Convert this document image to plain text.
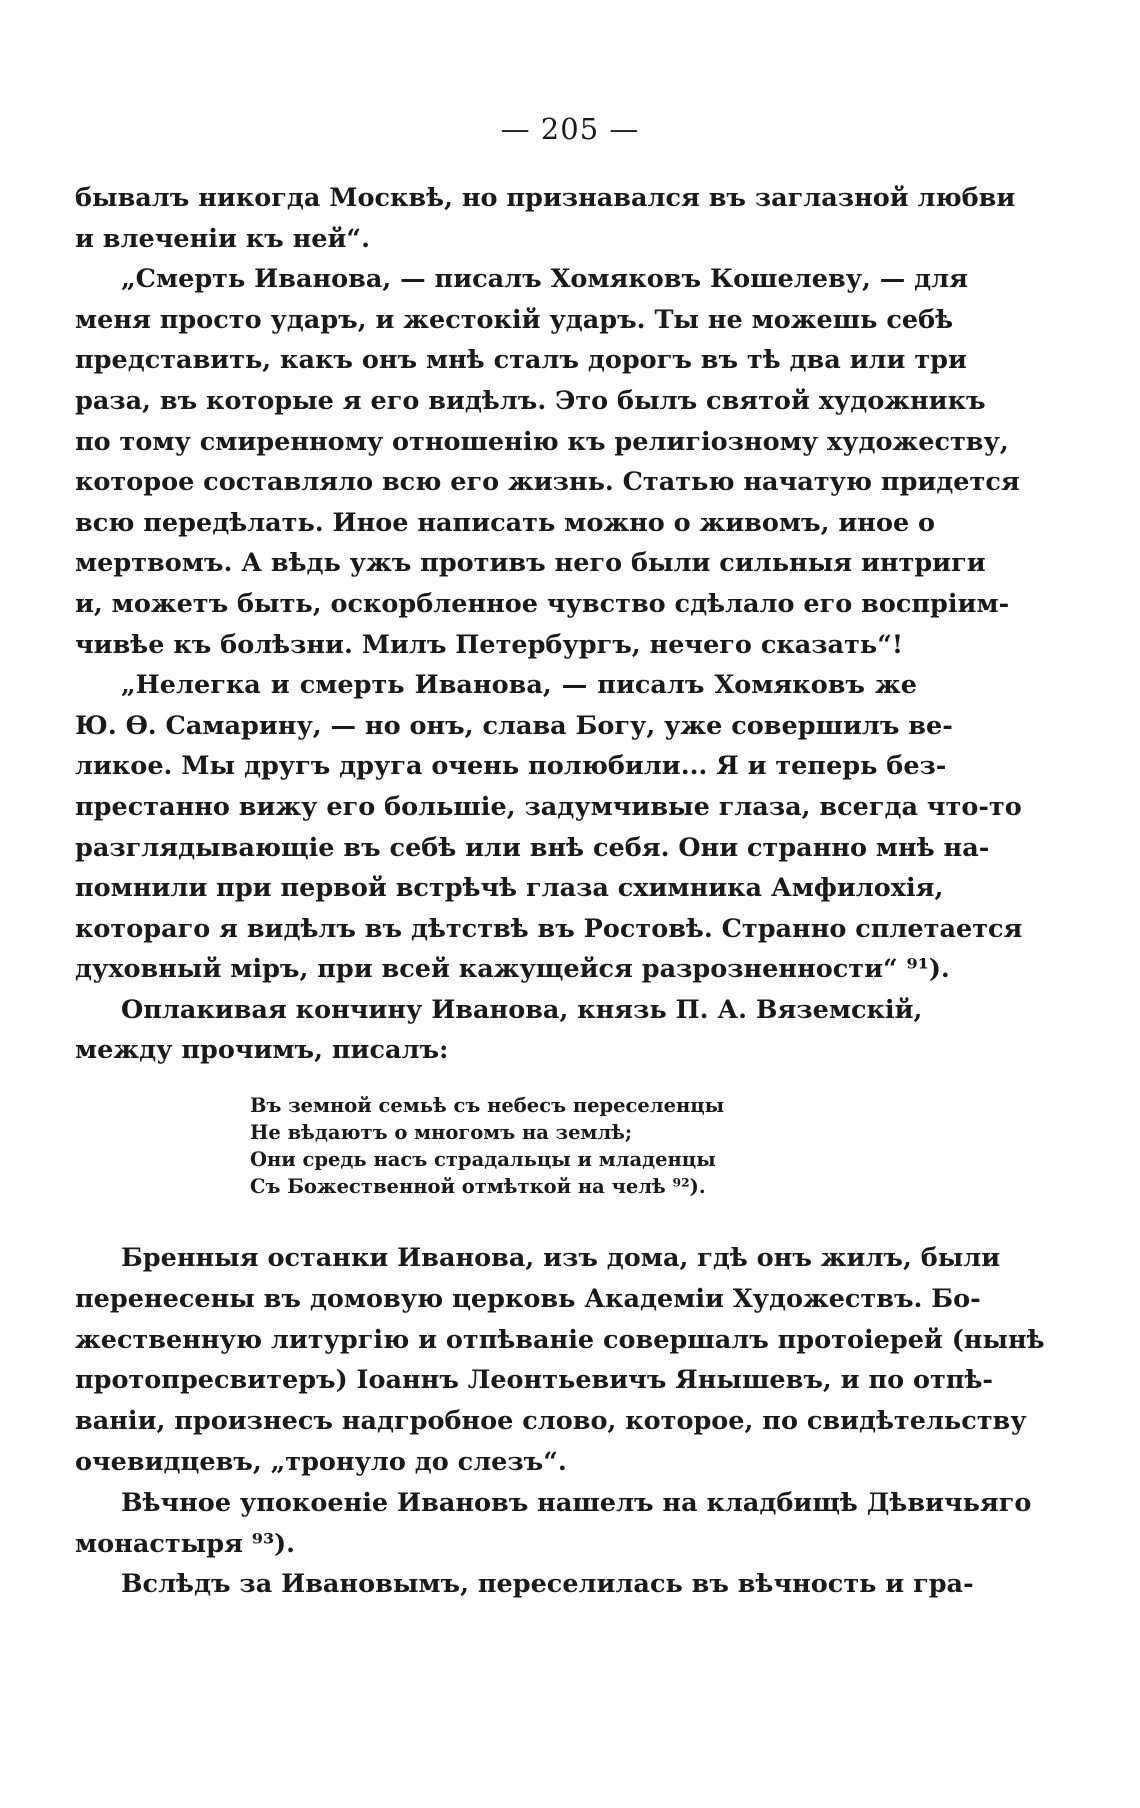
— 205 —
бывалъ никогда Москвѣ, но признавался въ заглазной любви
и влеченіи къ ней“.
„Смерть Иванова, — писалъ Хомяковъ Кошелеву, — для
меня просто ударъ, и жестокій ударъ. Ты не можешь себѣ
представить, какъ онъ мнѣ сталъ дорогъ въ тѣ два или три
раза, въ которые я его видѣлъ. Это былъ святой художникъ
по тому смиренному отношенію къ религіозному художеству,
которое составляло всю его жизнь. Статью начатую придется
всю передѣлать. Иное написать можно о живомъ, иное о
мертвомъ. А вѣдь ужъ противъ него были сильныя интриги
и, можетъ быть, оскорбленное чувство сдѣлало его воспріим-
чивѣе къ болѣзни. Милъ Петербургъ, нечего сказать“!
„Нелегка и смерть Иванова, — писалъ Хомяковъ же
Ю. Ѳ. Самарину, — но онъ, слава Богу, уже совершилъ ве-
ликое. Мы другъ друга очень полюбили... Я и теперь без-
престанно вижу его большіе, задумчивые глаза, всегда что-то
разглядывающіе въ себѣ или внѣ себя. Они странно мнѣ на-
помнили при первой встрѣчѣ глаза схимника Амфилохія,
котораго я видѣлъ въ дѣтствѣ въ Ростовѣ. Странно сплетается
духовный міръ, при всей кажущейся разрозненности“ ⁹¹).
Оплакивая кончину Иванова, князь П. А. Вяземскій,
между прочимъ, писалъ:
Въ земной семьѣ съ небесъ переселенцы
Не вѣдаютъ о многомъ на землѣ;
Они средь насъ страдальцы и младенцы
Съ Божественной отмѣткой на челѣ ⁹²).
Бренныя останки Иванова, изъ дома, гдѣ онъ жилъ, были
перенесены въ домовую церковь Академіи Художествъ. Бо-
жественную литургію и отпѣваніе совершалъ протоіерей (нынѣ
протопресвитеръ) Іоаннъ Леонтьевичъ Янышевъ, и по отпѣ-
ваніи, произнесъ надгробное слово, которое, по свидѣтельству
очевидцевъ, „тронуло до слезъ“.
Вѣчное упокоеніе Ивановъ нашелъ на кладбищѣ Дѣвичьяго
монастыря ⁹³).
Вслѣдъ за Ивановымъ, переселилась въ вѣчность и гра-
